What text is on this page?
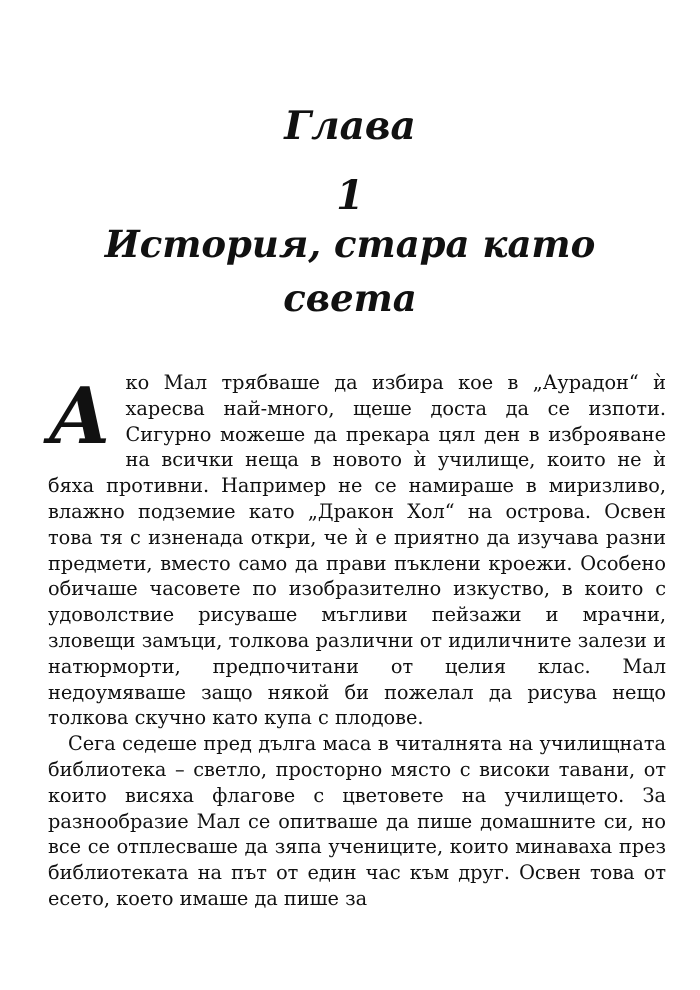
Глава
1
История, стара като
света

Ако Мал трябваше да избира кое в „Аурадон“ ѝ харесва най-много, щеше доста да се изпоти. Сигурно можеше да прекара цял ден в изброяване на всички неща в новото ѝ училище, които не ѝ бяха противни. Например не се намираше в миризливо, влажно подземие като „Дракон Хол“ на острова. Освен това тя с изненада откри, че ѝ е приятно да изучава разни предмети, вместо само да прави пъклени кроежи. Особено обичаше часовете по изобразително изкуство, в които с удоволствие рисуваше мъгливи пейзажи и мрачни, зловещи замъци, толкова различни от идиличните залези и натюрморти, предпочитани от целия клас. Мал недоумяваше защо някой би пожелал да рисува нещо толкова скучно като купа с плодове.

Сега седеше пред дълга маса в читалнята на училищната библиотека – светло, просторно място с високи тавани, от които висяха флагове с цветовете на училището. За разнообразие Мал се опитваше да пише домашните си, но все се отплесваше да зяпа учениците, които минаваха през библиотеката на път от един час към друг. Освен това от есето, което имаше да пише за
